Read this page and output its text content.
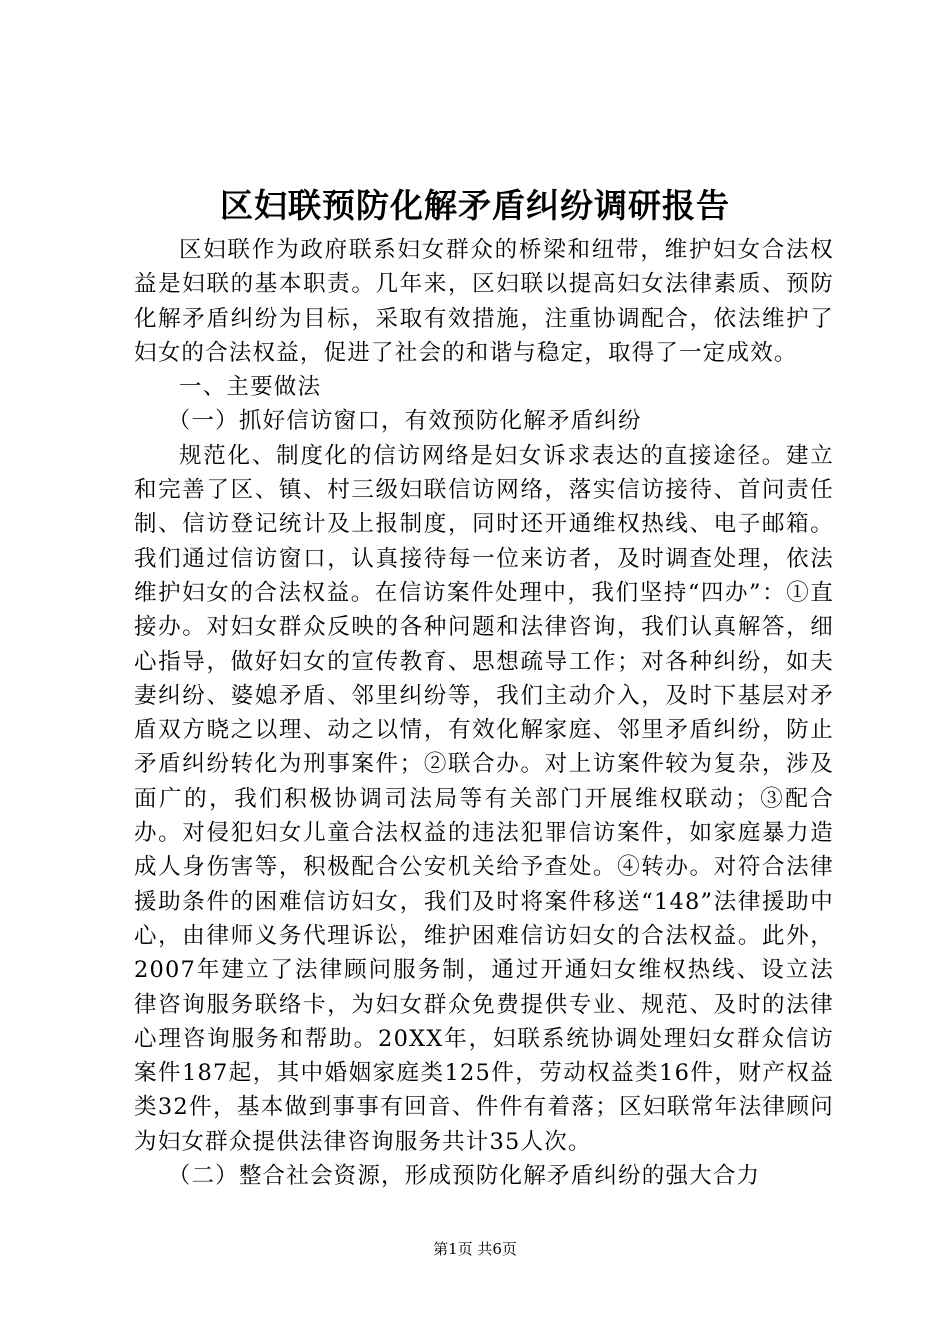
区妇联预防化解矛盾纠纷调研报告

区妇联作为政府联系妇女群众的桥梁和纽带，维护妇女合法权益是妇联的基本职责。几年来，区妇联以提高妇女法律素质、预防化解矛盾纠纷为目标，采取有效措施，注重协调配合，依法维护了妇女的合法权益，促进了社会的和谐与稳定，取得了一定成效。

一、主要做法

（一）抓好信访窗口，有效预防化解矛盾纠纷

规范化、制度化的信访网络是妇女诉求表达的直接途径。建立和完善了区、镇、村三级妇联信访网络，落实信访接待、首问责任制、信访登记统计及上报制度，同时还开通维权热线、电子邮箱。我们通过信访窗口，认真接待每一位来访者，及时调查处理，依法维护妇女的合法权益。在信访案件处理中，我们坚持“四办”：①直接办。对妇女群众反映的各种问题和法律咨询，我们认真解答，细心指导，做好妇女的宣传教育、思想疏导工作；对各种纠纷，如夫妻纠纷、婆媳矛盾、邻里纠纷等，我们主动介入，及时下基层对矛盾双方晓之以理、动之以情，有效化解家庭、邻里矛盾纠纷，防止矛盾纠纷转化为刑事案件；②联合办。对上访案件较为复杂，涉及面广的，我们积极协调司法局等有关部门开展维权联动；③配合办。对侵犯妇女儿童合法权益的违法犯罪信访案件，如家庭暴力造成人身伤害等，积极配合公安机关给予查处。④转办。对符合法律援助条件的困难信访妇女，我们及时将案件移送“148”法律援助中心，由律师义务代理诉讼，维护困难信访妇女的合法权益。此外，2007年建立了法律顾问服务制，通过开通妇女维权热线、设立法律咨询服务联络卡，为妇女群众免费提供专业、规范、及时的法律心理咨询服务和帮助。20XX年，妇联系统协调处理妇女群众信访案件187起，其中婚姻家庭类125件，劳动权益类16件，财产权益类32件，基本做到事事有回音、件件有着落；区妇联常年法律顾问为妇女群众提供法律咨询服务共计35人次。

（二）整合社会资源，形成预防化解矛盾纠纷的强大合力

第1页 共6页
